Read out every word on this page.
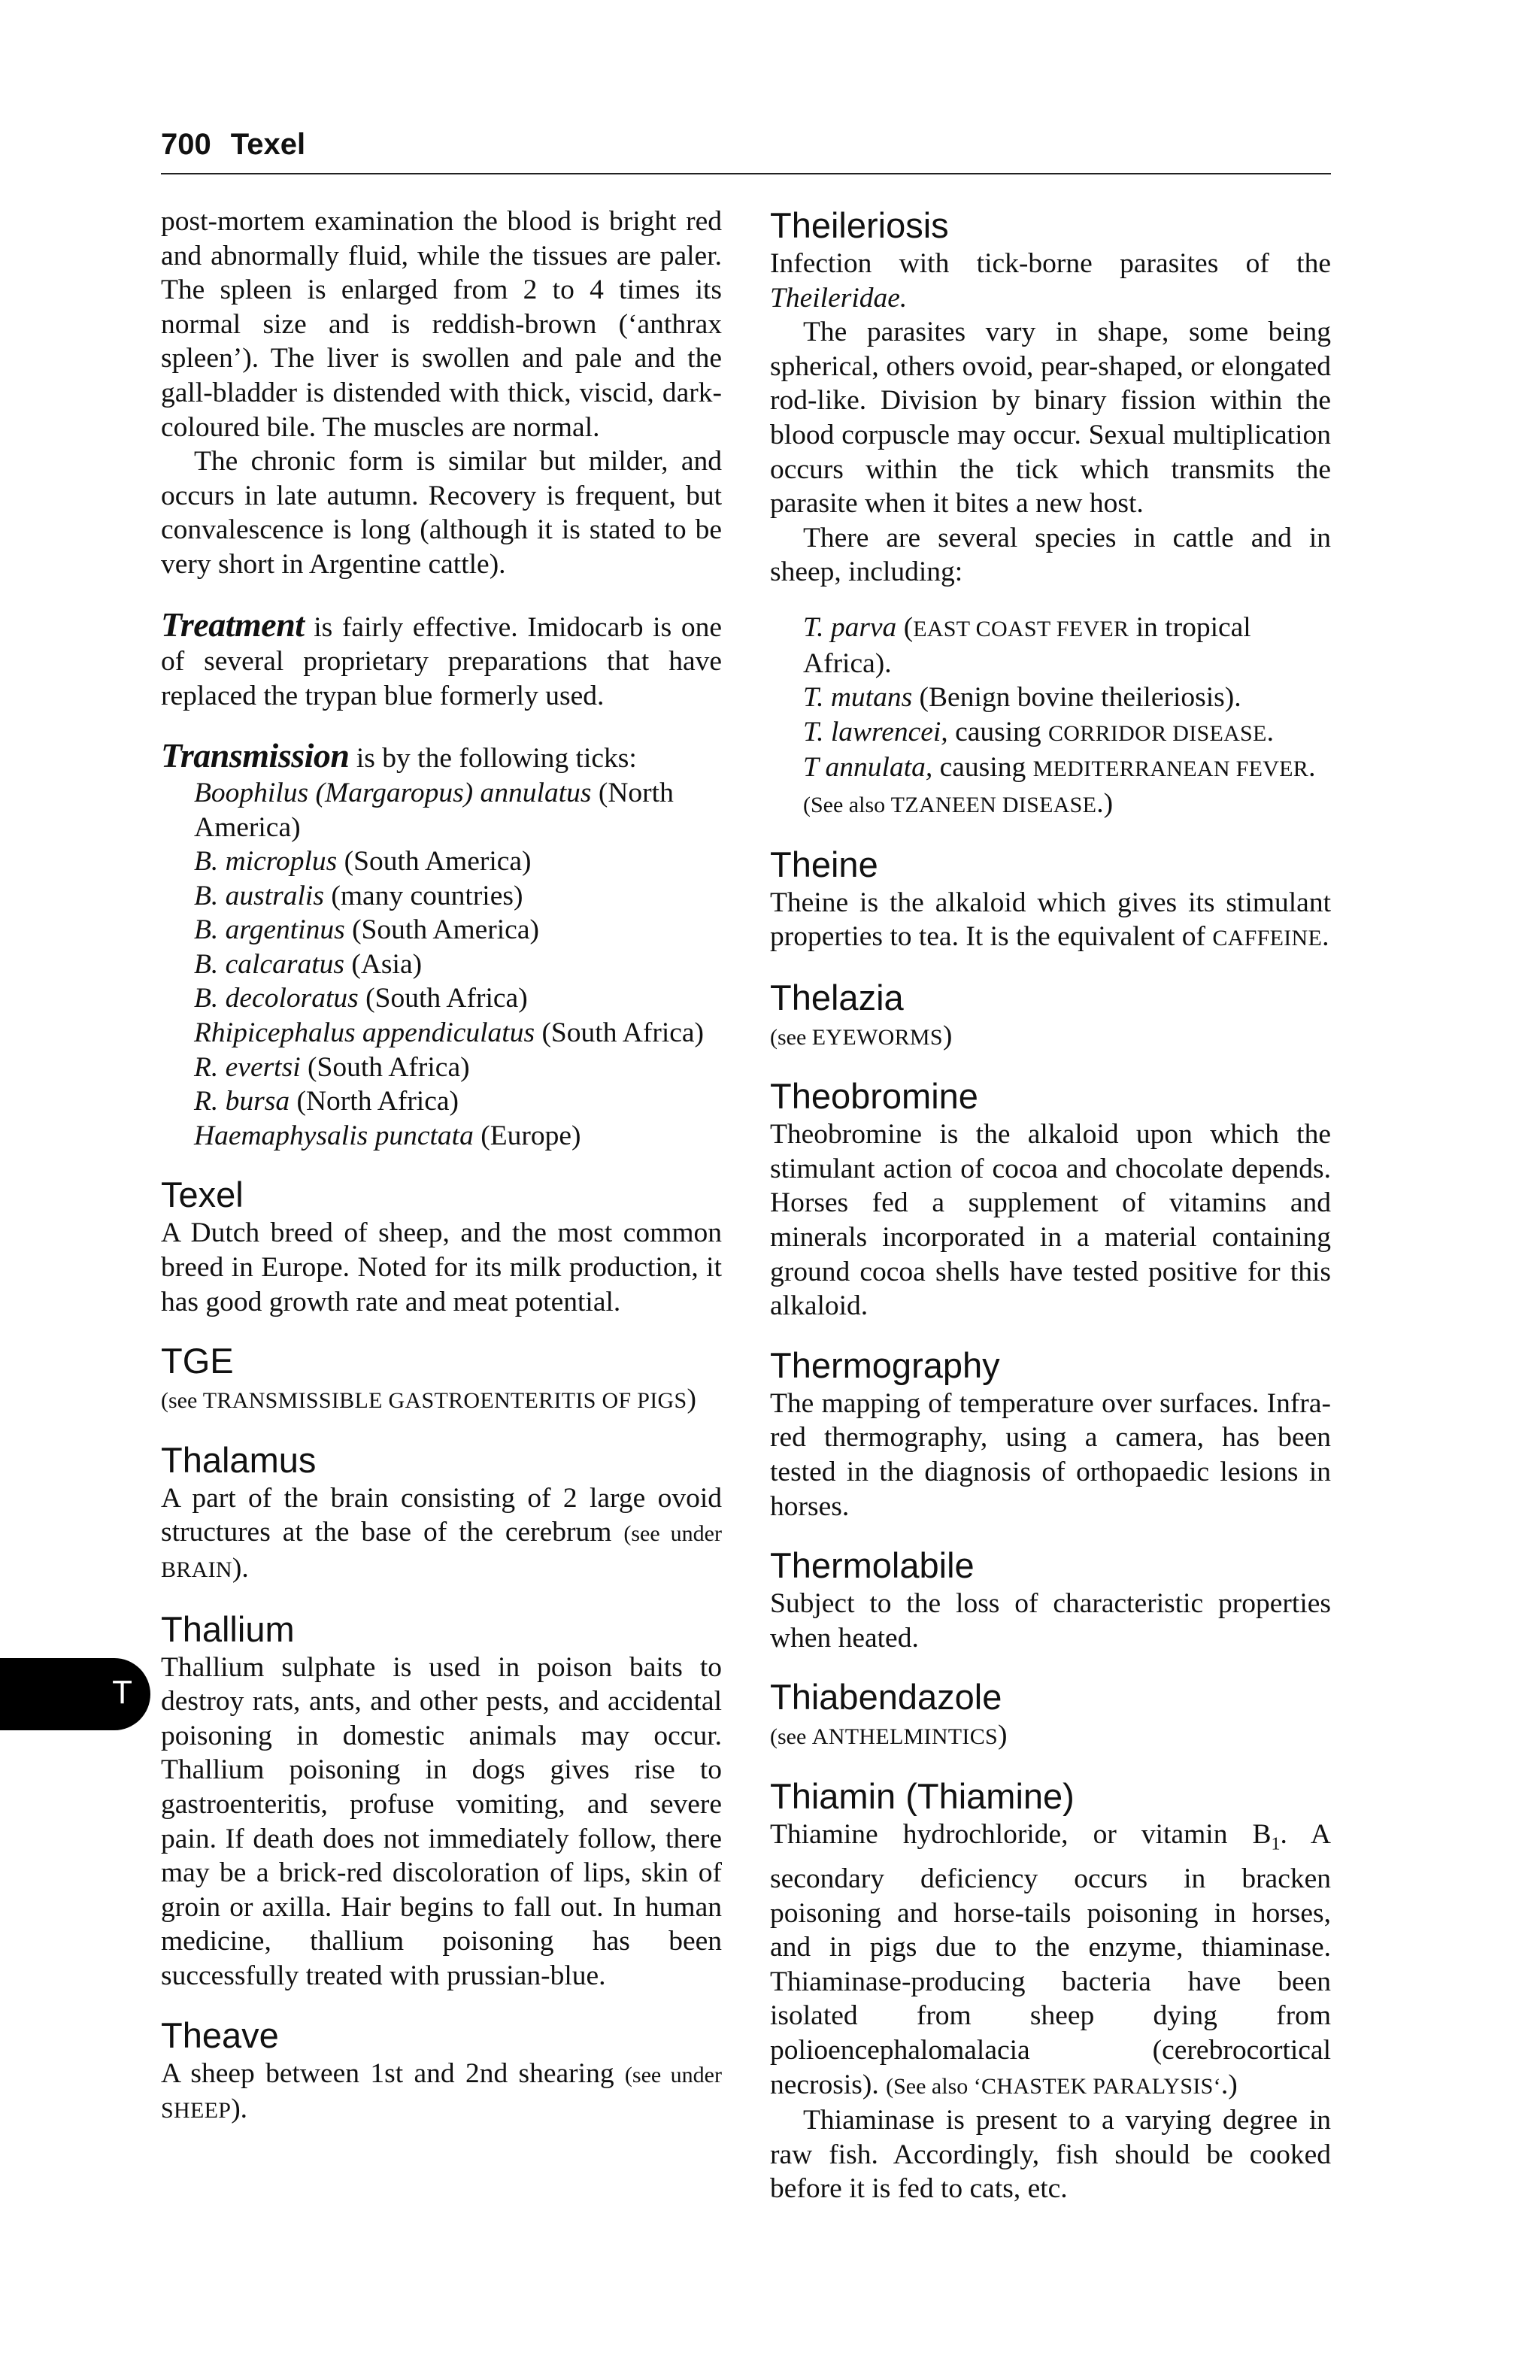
700 Texel
T

post-mortem examination the blood is bright red and abnormally fluid, while the tissues are paler. The spleen is enlarged from 2 to 4 times its normal size and is reddish-brown (‘anthrax spleen’). The liver is swollen and pale and the gall-bladder is distended with thick, viscid, dark-coloured bile. The muscles are normal.

The chronic form is similar but milder, and occurs in late autumn. Recovery is frequent, but convalescence is long (although it is stated to be very short in Argentine cattle).

Treatment is fairly effective. Imidocarb is one of several proprietary preparations that have replaced the trypan blue formerly used.

Transmission is by the following ticks:

Boophilus (Margaropus) annulatus (North America)

B. microplus (South America)

B. australis (many countries)

B. argentinus (South America)

B. calcaratus (Asia)

B. decoloratus (South Africa)

Rhipicephalus appendiculatus (South Africa)

R. evertsi (South Africa)

R. bursa (North Africa)

Haemaphysalis punctata (Europe)

Texel

A Dutch breed of sheep, and the most common breed in Europe. Noted for its milk production, it has good growth rate and meat potential.

TGE

(see TRANSMISSIBLE GASTROENTERITIS OF PIGS)

Thalamus

A part of the brain consisting of 2 large ovoid structures at the base of the cerebrum (see under BRAIN).

Thallium

Thallium sulphate is used in poison baits to destroy rats, ants, and other pests, and accidental poisoning in domestic animals may occur. Thallium poisoning in dogs gives rise to gastroenteritis, profuse vomiting, and severe pain. If death does not immediately follow, there may be a brick-red discoloration of lips, skin of groin or axilla. Hair begins to fall out. In human medicine, thallium poisoning has been successfully treated with prussian-blue.

Theave

A sheep between 1st and 2nd shearing (see under SHEEP).

Theileriosis

Infection with tick-borne parasites of the Theileridae.

The parasites vary in shape, some being spherical, others ovoid, pear-shaped, or elongated rod-like. Division by binary fission within the blood corpuscle may occur. Sexual multiplication occurs within the tick which transmits the parasite when it bites a new host.

There are several species in cattle and in sheep, including:

T. parva (EAST COAST FEVER in tropical Africa).

T. mutans (Benign bovine theileriosis).

T. lawrencei, causing CORRIDOR DISEASE.

T annulata, causing MEDITERRANEAN FEVER.

(See also TZANEEN DISEASE.)

Theine

Theine is the alkaloid which gives its stimulant properties to tea. It is the equivalent of CAFFEINE.

Thelazia

(see EYEWORMS)

Theobromine

Theobromine is the alkaloid upon which the stimulant action of cocoa and chocolate depends. Horses fed a supplement of vitamins and minerals incorporated in a material containing ground cocoa shells have tested positive for this alkaloid.

Thermography

The mapping of temperature over surfaces. Infra-red thermography, using a camera, has been tested in the diagnosis of orthopaedic lesions in horses.

Thermolabile

Subject to the loss of characteristic properties when heated.

Thiabendazole

(see ANTHELMINTICS)

Thiamin (Thiamine)

Thiamine hydrochloride, or vitamin $B_1$. A secondary deficiency occurs in bracken poisoning and horse-tails poisoning in horses, and in pigs due to the enzyme, thiaminase. Thiaminase-producing bacteria have been isolated from sheep dying from polioencephalomalacia (cerebrocortical necrosis). (See also ‘CHASTEK PARALYSIS‘.)

Thiaminase is present to a varying degree in raw fish. Accordingly, fish should be cooked before it is fed to cats, etc.
